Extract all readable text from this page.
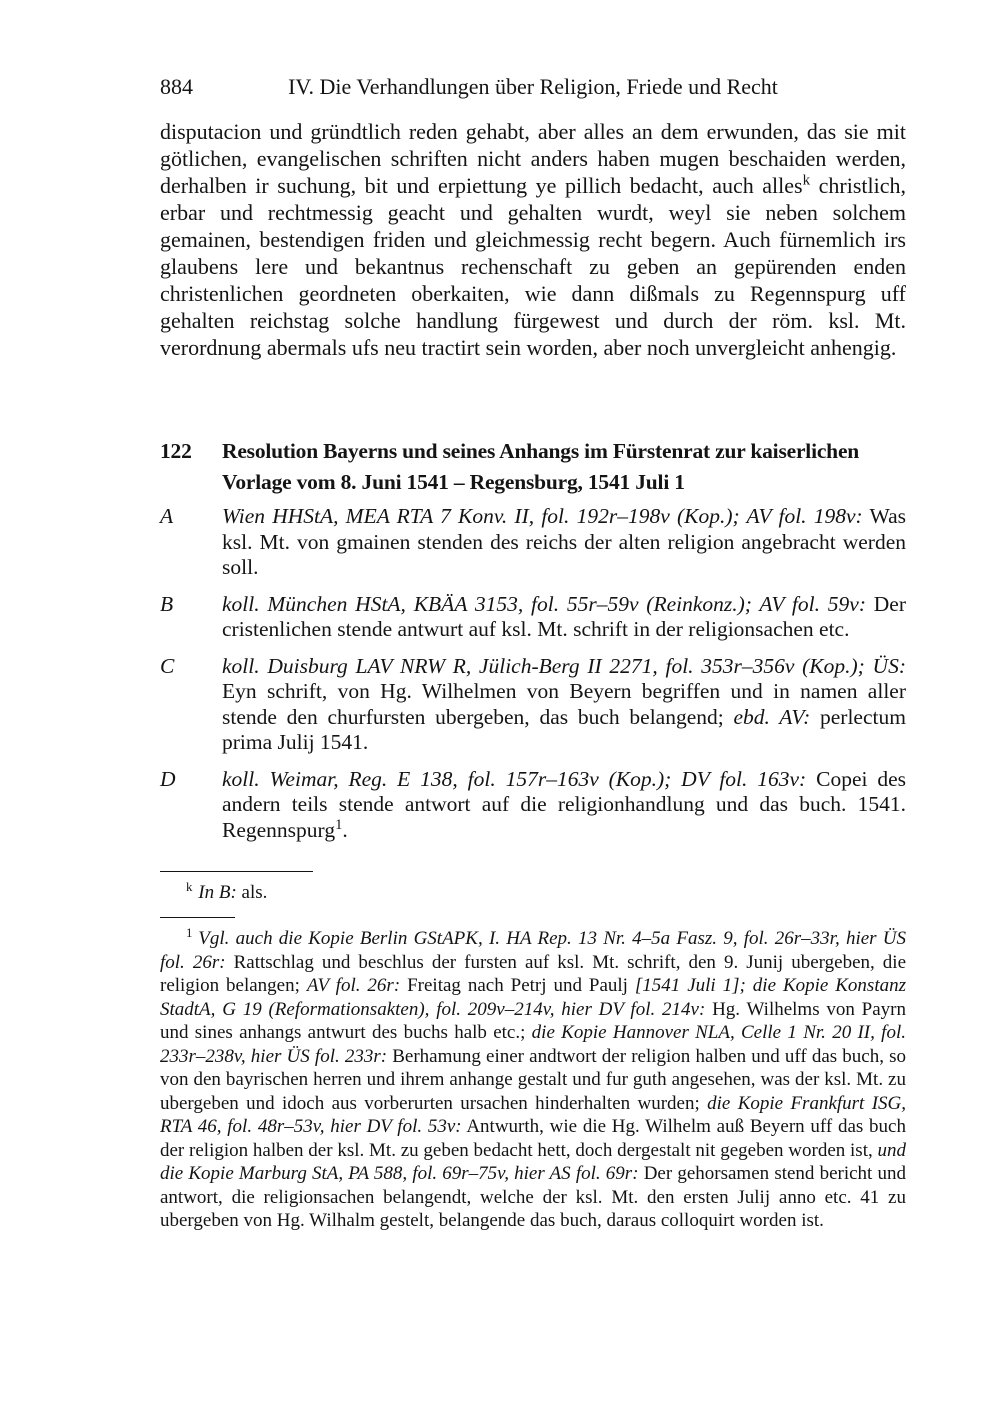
884	IV. Die Verhandlungen über Religion, Friede und Recht
disputacion und gründtlich reden gehabt, aber alles an dem erwunden, das sie mit götlichen, evangelischen schriften nicht anders haben mugen beschaiden werden, derhalben ir suchung, bit und erpiettung ye pillich bedacht, auch alles$^k$ christlich, erbar und rechtmessig geacht und gehalten wurdt, weyl sie neben solchem gemainen, bestendigen friden und gleichmessig recht begern. Auch fürnemlich irs glaubens lere und bekantnus rechenschaft zu geben an gepürenden enden christenlichen geordneten oberkaiten, wie dann dißmals zu Regennspurg uff gehalten reichstag solche handlung fürgewest und durch der röm. ksl. Mt. verordnung abermals ufs neu tractirt sein worden, aber noch unvergleicht anhengig.
122 Resolution Bayerns und seines Anhangs im Fürstenrat zur kaiserlichen Vorlage vom 8. Juni 1541 – Regensburg, 1541 Juli 1
A Wien HHStA, MEA RTA 7 Konv. II, fol. 192r–198v (Kop.); AV fol. 198v: Was ksl. Mt. von gmainen stenden des reichs der alten religion angebracht werden soll.
B koll. München HStA, KBÄA 3153, fol. 55r–59v (Reinkonz.); AV fol. 59v: Der cristenlichen stende antwurt auf ksl. Mt. schrift in der religionsachen etc.
C koll. Duisburg LAV NRW R, Jülich-Berg II 2271, fol. 353r–356v (Kop.); ÜS: Eyn schrift, von Hg. Wilhelmen von Beyern begriffen und in namen aller stende den churfursten ubergeben, das buch belangend; ebd. AV: perlectum prima Julij 1541.
D koll. Weimar, Reg. E 138, fol. 157r–163v (Kop.); DV fol. 163v: Copei des andern teils stende antwort auf die religionhandlung und das buch. 1541. Regennspurg$^1$.

$^k$ In B: als.

$^1$ Vgl. auch die Kopie Berlin GStAPK, I. HA Rep. 13 Nr. 4–5a Fasz. 9, fol. 26r–33r, hier ÜS fol. 26r: Rattschlag und beschlus der fursten auf ksl. Mt. schrift, den 9. Junij ubergeben, die religion belangen; AV fol. 26r: Freitag nach Petrj und Paulj [1541 Juli 1]; die Kopie Konstanz StadtA, G 19 (Reformationsakten), fol. 209v–214v, hier DV fol. 214v: Hg. Wilhelms von Payrn und sines anhangs antwurt des buchs halb etc.; die Kopie Hannover NLA, Celle 1 Nr. 20 II, fol. 233r–238v, hier ÜS fol. 233r: Berhamung einer andtwort der religion halben und uff das buch, so von den bayrischen herren und ihrem anhange gestalt und fur guth angesehen, was der ksl. Mt. zu ubergeben und idoch aus vorberurten ursachen hinderhalten wurden; die Kopie Frankfurt ISG, RTA 46, fol. 48r–53v, hier DV fol. 53v: Antwurth, wie die Hg. Wilhelm auß Beyern uff das buch der religion halben der ksl. Mt. zu geben bedacht hett, doch dergestalt nit gegeben worden ist, und die Kopie Marburg StA, PA 588, fol. 69r–75v, hier AS fol. 69r: Der gehorsamen stend bericht und antwort, die religionsachen belangendt, welche der ksl. Mt. den ersten Julij anno etc. 41 zu ubergeben von Hg. Wilhalm gestelt, belangende das buch, daraus colloquirt worden ist.
